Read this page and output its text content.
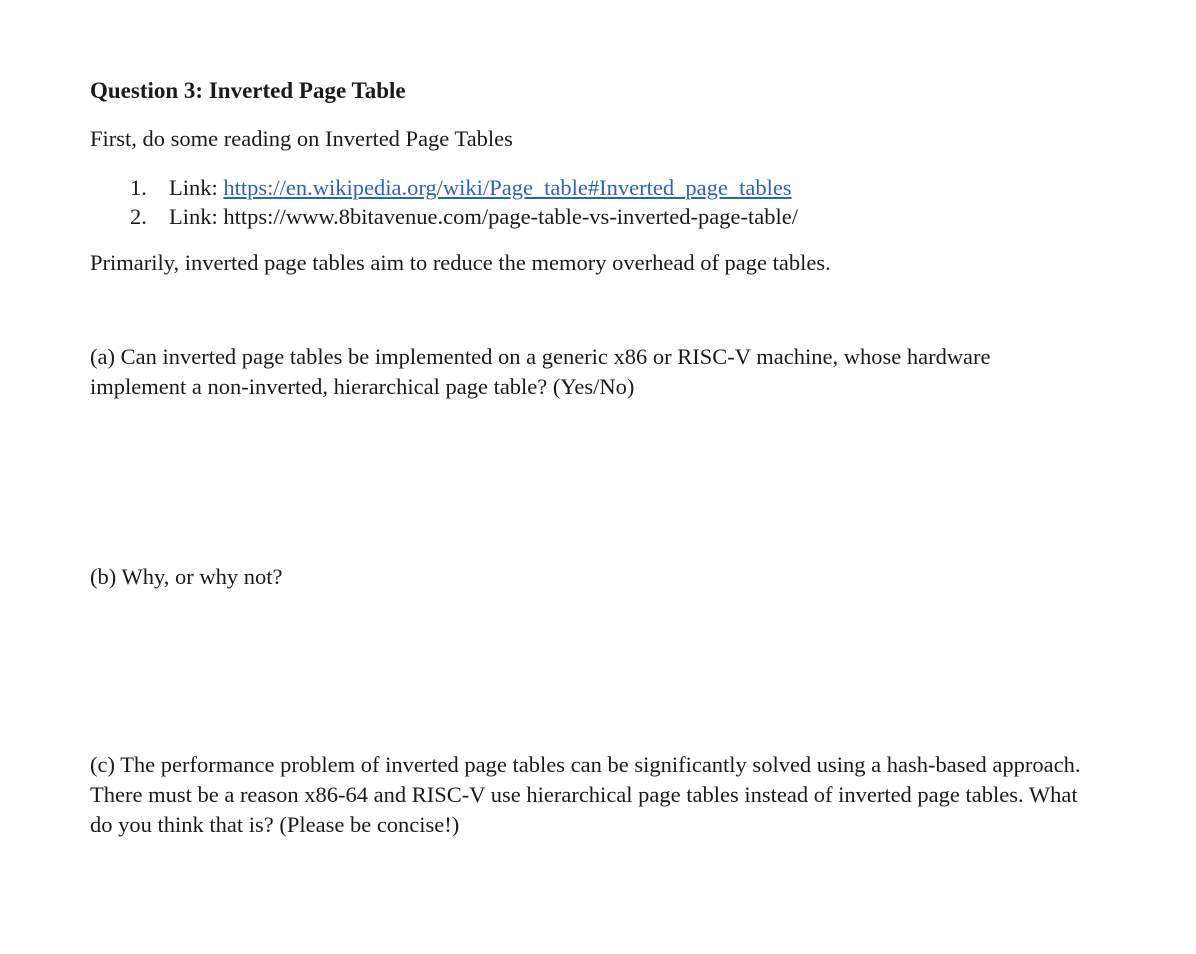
Question 3: Inverted Page Table

First, do some reading on Inverted Page Tables

1. Link: https://en.wikipedia.org/wiki/Page_table#Inverted_page_tables
2. Link: https://www.8bitavenue.com/page-table-vs-inverted-page-table/

Primarily, inverted page tables aim to reduce the memory overhead of page tables.

(a) Can inverted page tables be implemented on a generic x86 or RISC-V machine, whose hardware
implement a non-inverted, hierarchical page table? (Yes/No)

(b) Why, or why not?

(c) The performance problem of inverted page tables can be significantly solved using a hash-based approach.
There must be a reason x86-64 and RISC-V use hierarchical page tables instead of inverted page tables. What
do you think that is? (Please be concise!)
